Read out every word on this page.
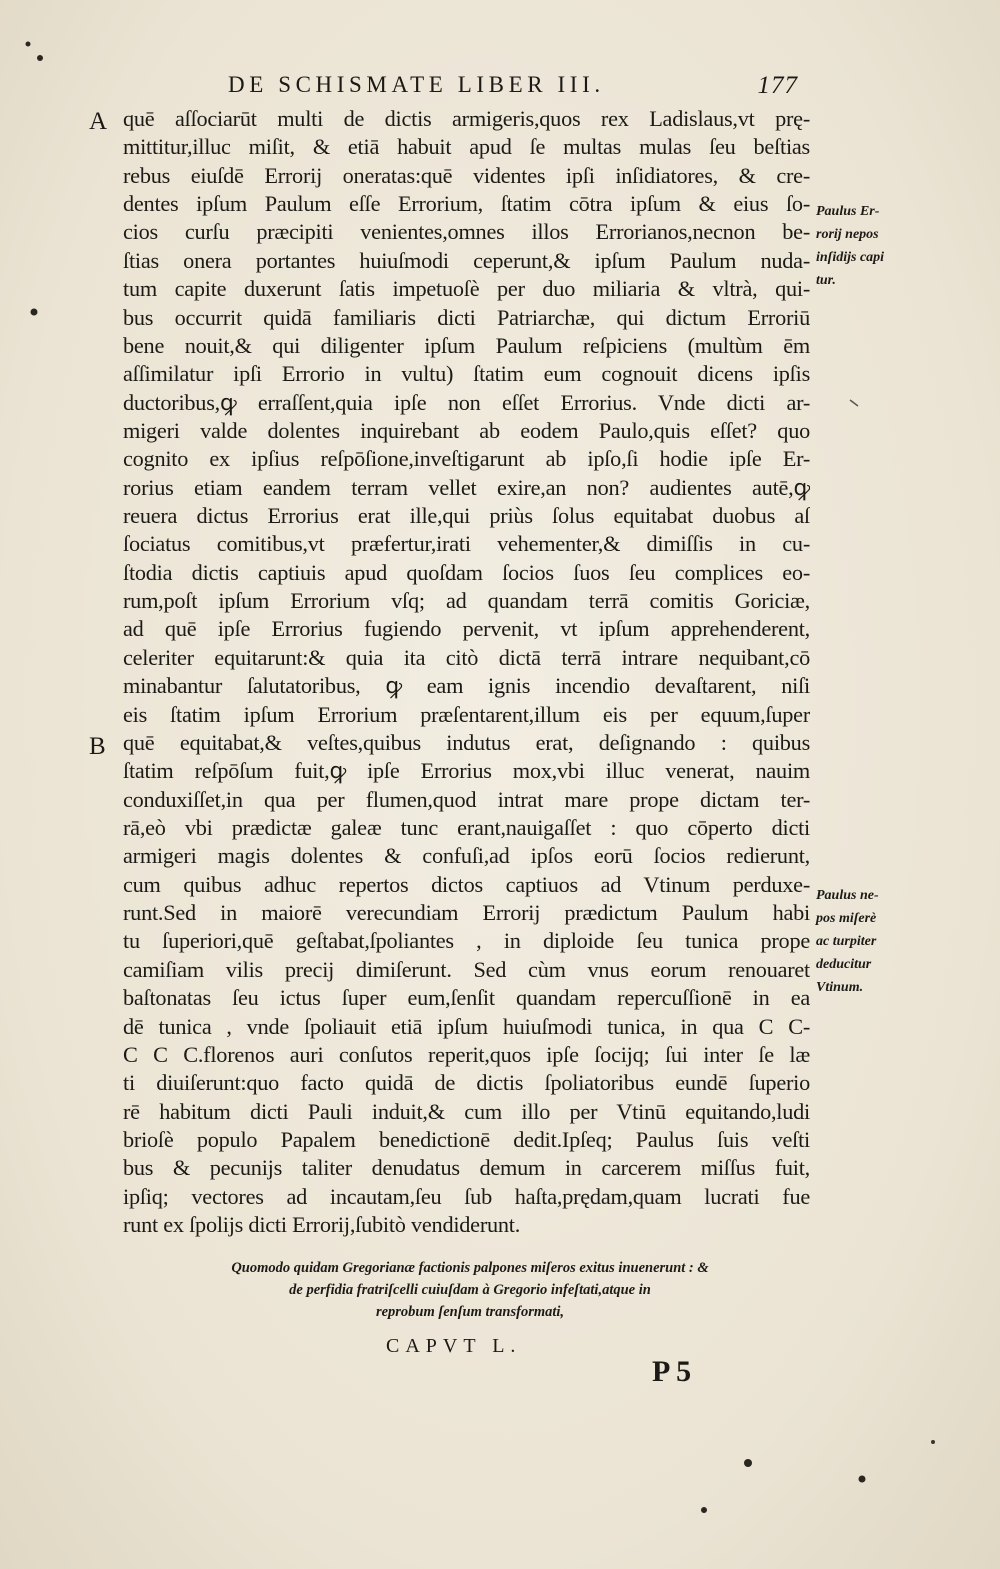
DE SCHISMATE LIBER III.	177
A
B
quē aſſociarūt multi de dictis armigeris,quos rex Ladislaus,vt prę-
mittitur,illuc miſit, & etiā habuit apud ſe multas mulas ſeu beſtias
rebus eiuſdē Errorij oneratas:quē videntes ipſi inſidiatores, & cre-
dentes ipſum Paulum eſſe Errorium, ſtatim cōtra ipſum & eius ſo-
cios curſu præcipiti venientes,omnes illos Errorianos,necnon be-
ſtias onera portantes huiuſmodi ceperunt,& ipſum Paulum nuda-
tum capite duxerunt ſatis impetuoſè per duo miliaria & vltrà, qui-
bus occurrit quidā familiaris dicti Patriarchæ, qui dictum Erroriū
bene nouit,& qui diligenter ipſum Paulum reſpiciens (multùm ēm
aſſimilatur ipſi Errorio in vultu) ſtatim eum cognouit dicens ipſis
ductoribus,ꝙ erraſſent,quia ipſe non eſſet Errorius. Vnde dicti ar-
migeri valde dolentes inquirebant ab eodem Paulo,quis eſſet? quo
cognito ex ipſius reſpōſione,inveſtigarunt ab ipſo,ſi hodie ipſe Er-
rorius etiam eandem terram vellet exire,an non? audientes autē,ꝙ
reuera dictus Errorius erat ille,qui priùs ſolus equitabat duobus aſ
ſociatus comitibus,vt præfertur,irati vehementer,& dimiſſis in cu-
ſtodia dictis captiuis apud quoſdam ſocios ſuos ſeu complices eo-
rum,poſt ipſum Errorium vſq; ad quandam terrā comitis Goriciæ,
ad quē ipſe Errorius fugiendo pervenit, vt ipſum apprehenderent,
celeriter equitarunt:& quia ita citò dictā terrā intrare nequibant,cō
minabantur ſalutatoribus, ꝙ eam ignis incendio devaſtarent, niſi
eis ſtatim ipſum Errorium præſentarent,illum eis per equum,ſuper
quē equitabat,& veſtes,quibus indutus erat, deſignando : quibus
ſtatim reſpōſum fuit,ꝙ ipſe Errorius mox,vbi illuc venerat, nauim
conduxiſſet,in qua per flumen,quod intrat mare prope dictam ter-
rā,eò vbi prædictæ galeæ tunc erant,nauigaſſet : quo cōperto dicti
armigeri magis dolentes & confuſi,ad ipſos eorū ſocios redierunt,
cum quibus adhuc repertos dictos captiuos ad Vtinum perduxe-
runt.Sed in maiorē verecundiam Errorij prædictum Paulum habi
tu ſuperiori,quē geſtabat,ſpoliantes , in diploide ſeu tunica prope
camiſiam vilis precij dimiſerunt. Sed cùm vnus eorum renouaret
baſtonatas ſeu ictus ſuper eum,ſenſit quandam repercuſſionē in ea
dē tunica , vnde ſpoliauit etiā ipſum huiuſmodi tunica, in qua C C-
C C C.florenos auri conſutos reperit,quos ipſe ſocijq; ſui inter ſe læ
ti diuiſerunt:quo facto quidā de dictis ſpoliatoribus eundē ſuperio
rē habitum dicti Pauli induit,& cum illo per Vtinū equitando,ludi
brioſè populo Papalem benedictionē dedit.Ipſeq; Paulus ſuis veſti
bus & pecunijs taliter denudatus demum in carcerem miſſus fuit,
ipſiq; vectores ad incautam,ſeu ſub haſta,prędam,quam lucrati fue
runt ex ſpolijs dicti Errorij,ſubitò vendiderunt.
Paulus Er-
rorij nepos
inſidijs capi
tur.
Paulus ne-
pos miſerè
ac turpiter
deducitur
Vtinum.
Quomodo quidam Gregorianæ factionis palpones miſeros exitus inuenerunt : &
de perfidia fratriſcelli cuiuſdam à Gregorio infeſtati,atque in
reprobum ſenſum transformati,
CAPVT L.
P 5
